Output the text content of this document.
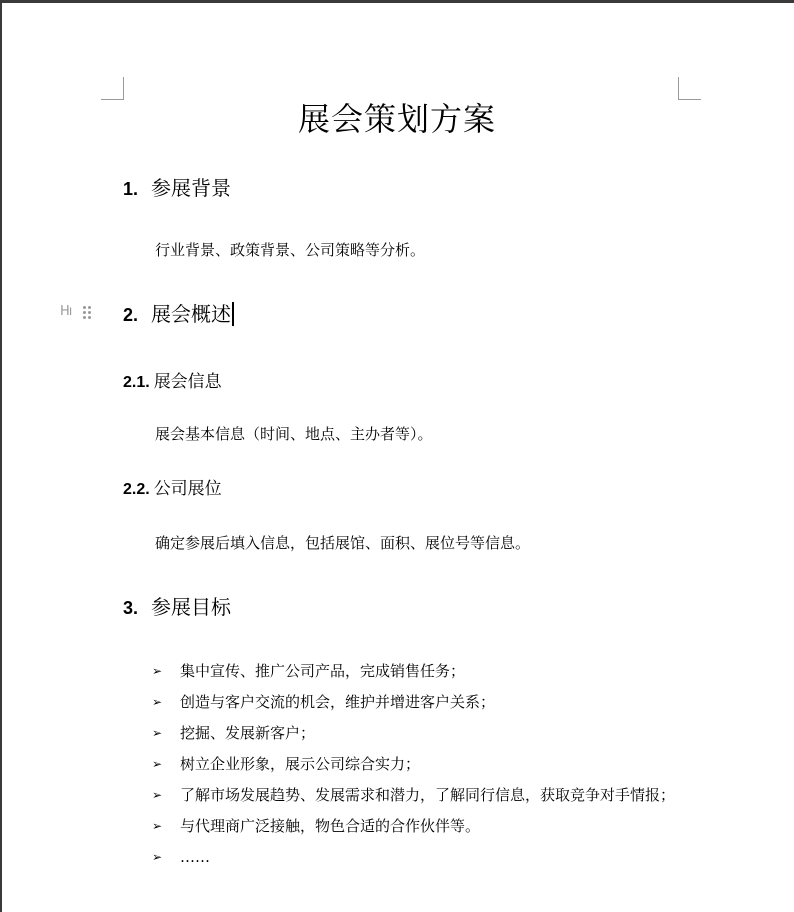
展会策划方案
1. 参展背景
行业背景、政策背景、公司策略等分析。
Hı	2. 展会概述
2.1. 展会信息
展会基本信息（时间、地点、主办者等）。
2.2. 公司展位
确定参展后填入信息，包括展馆、面积、展位号等信息。
3. 参展目标
➢ 集中宣传、推广公司产品，完成销售任务；
➢ 创造与客户交流的机会，维护并增进客户关系；
➢ 挖掘、发展新客户；
➢ 树立企业形象，展示公司综合实力；
➢ 了解市场发展趋势、发展需求和潜力，了解同行信息，获取竞争对手情报；
➢ 与代理商广泛接触，物色合适的合作伙伴等。
➢ ……
